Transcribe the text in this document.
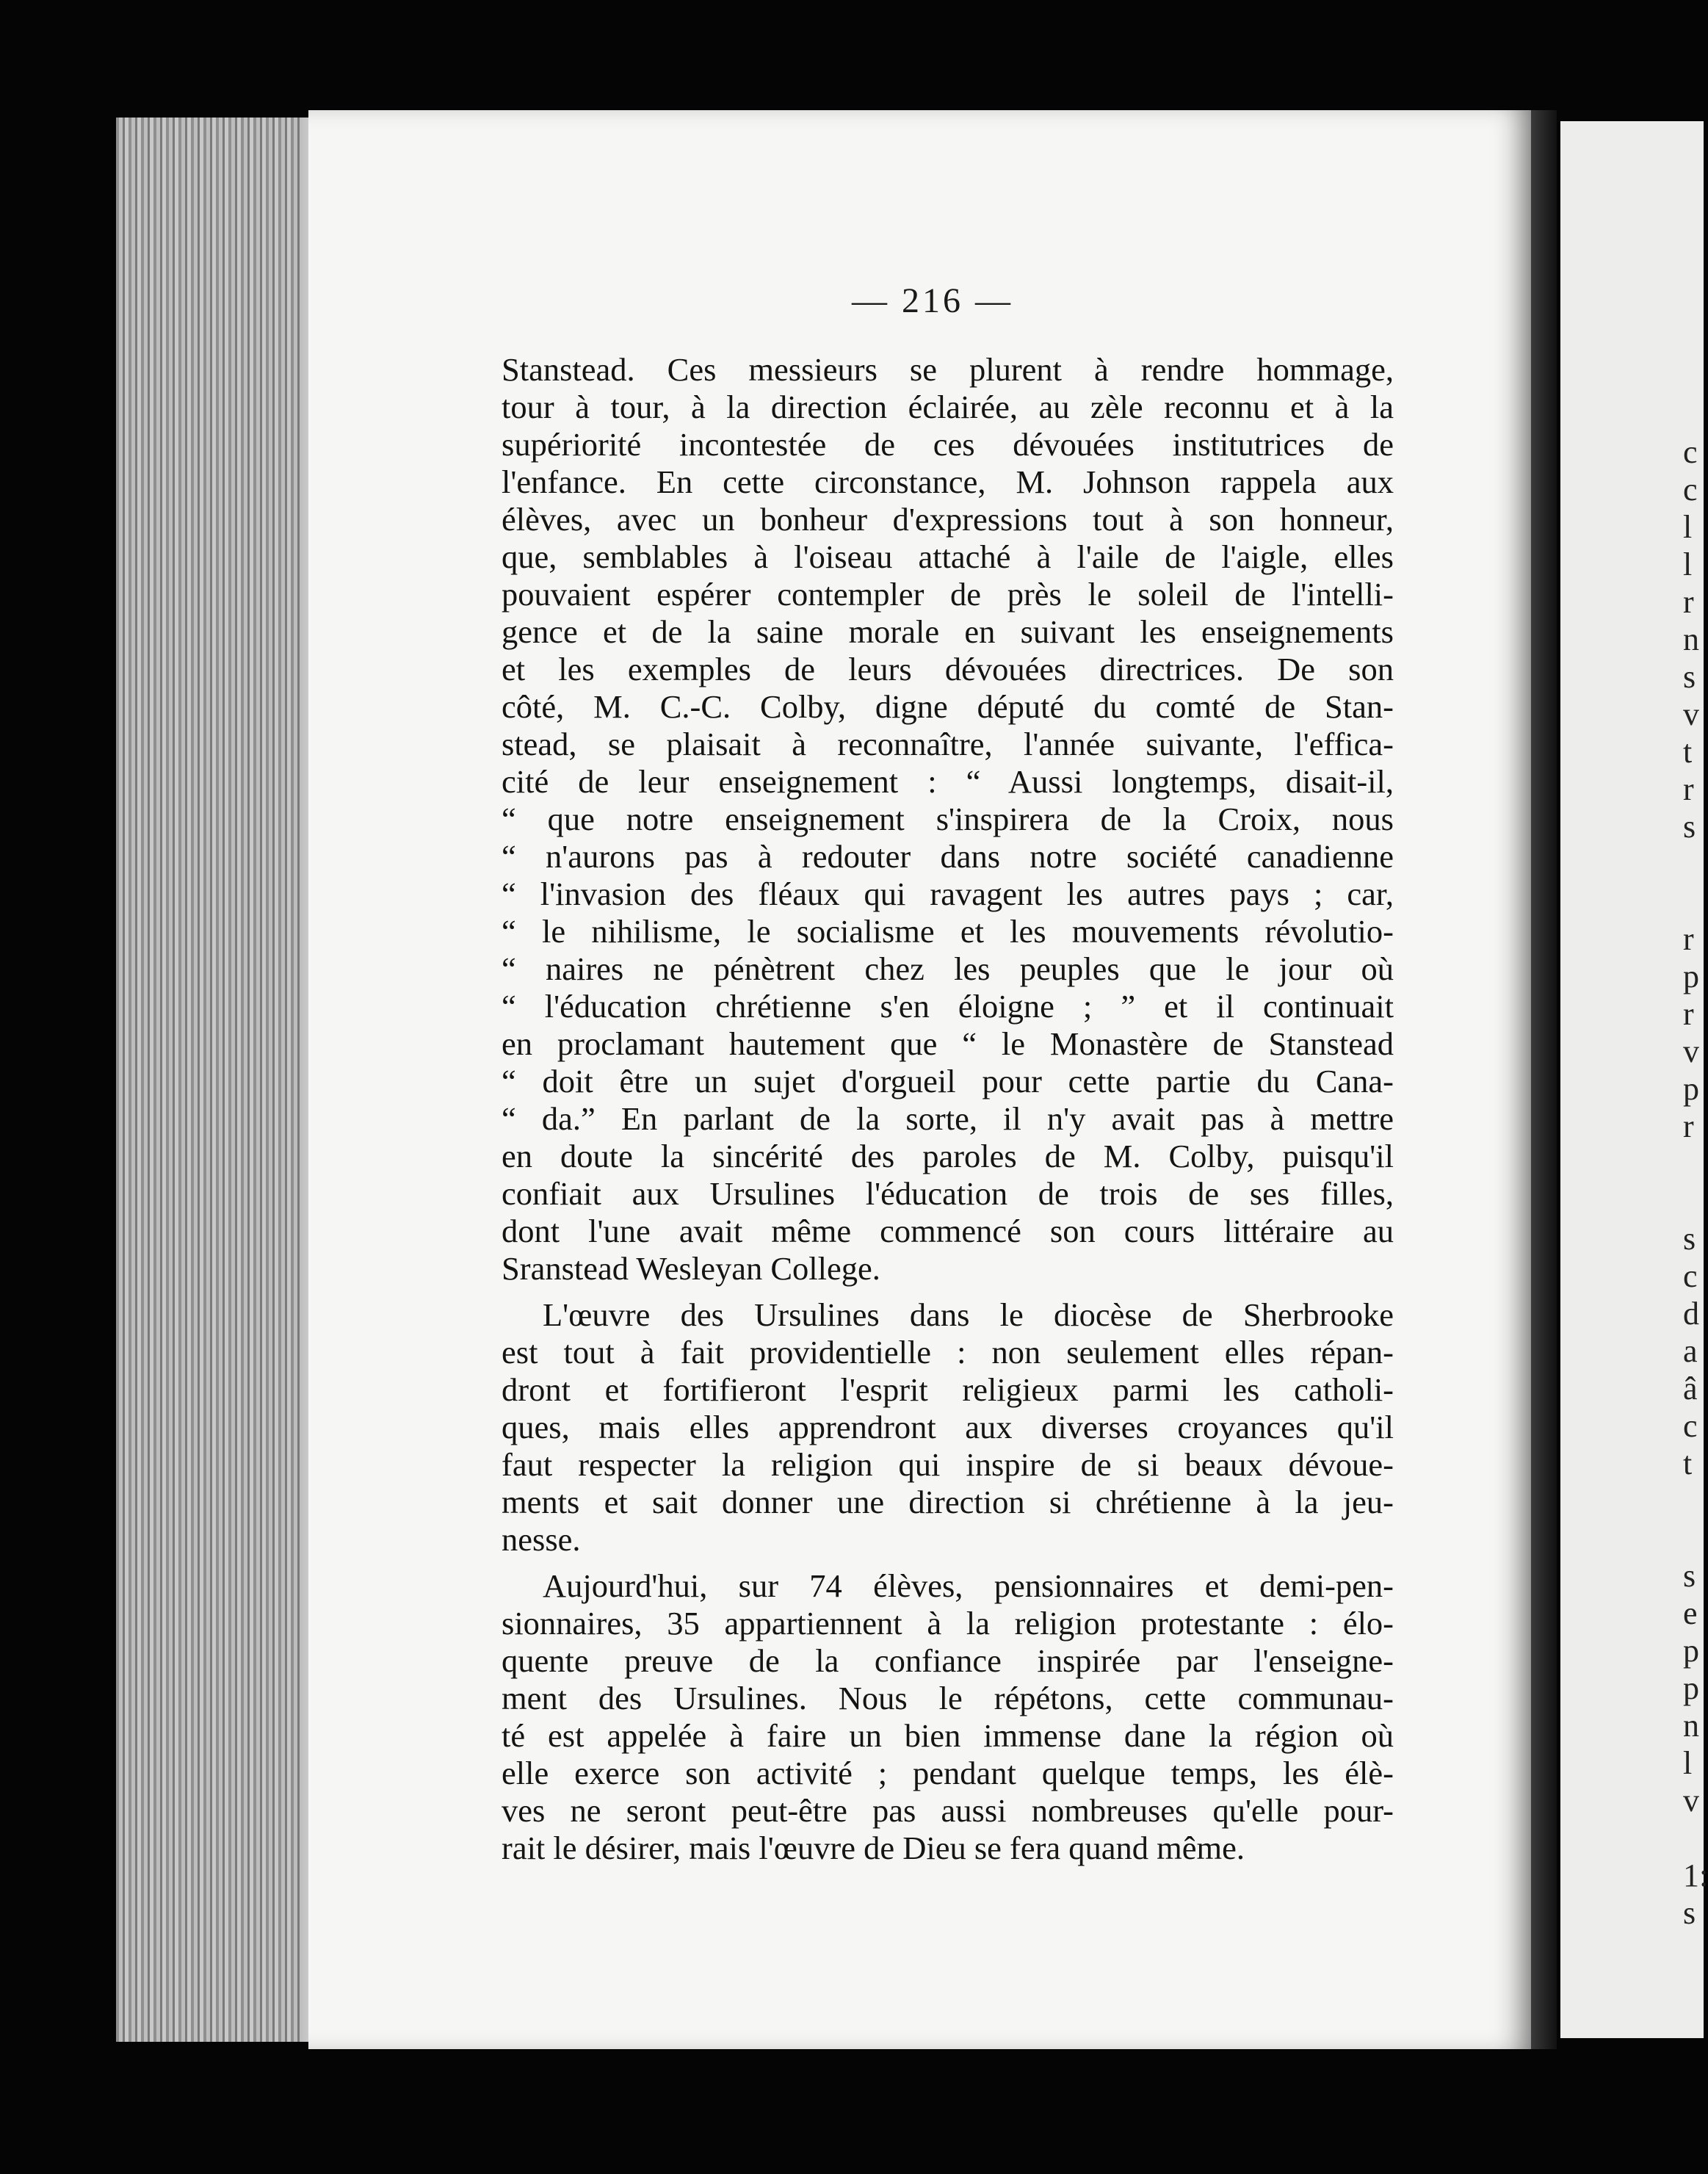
c
c
l
l
r
n
s
v
t
r
s
r
p
r
v
p
r
s
c
d
a
â
c
t
s
e
p
p
n
l
v
1:
s
— 216 —
Stanstead. Ces messieurs se plurent à rendre hommage,
tour à tour, à la direction éclairée, au zèle reconnu et à la
supériorité incontestée de ces dévouées institutrices de
l'enfance. En cette circonstance, M. Johnson rappela aux
élèves, avec un bonheur d'expressions tout à son honneur,
que, semblables à l'oiseau attaché à l'aile de l'aigle, elles
pouvaient espérer contempler de près le soleil de l'intelli-
gence et de la saine morale en suivant les enseignements
et les exemples de leurs dévouées directrices. De son
côté, M. C.-C. Colby, digne député du comté de Stan-
stead, se plaisait à reconnaître, l'année suivante, l'effica-
cité de leur enseignement : “ Aussi longtemps, disait-il,
“ que notre enseignement s'inspirera de la Croix, nous
“ n'aurons pas à redouter dans notre société canadienne
“ l'invasion des fléaux qui ravagent les autres pays ; car,
“ le nihilisme, le socialisme et les mouvements révolutio-
“ naires ne pénètrent chez les peuples que le jour où
“ l'éducation chrétienne s'en éloigne ; ” et il continuait
en proclamant hautement que “ le Monastère de Stanstead
“ doit être un sujet d'orgueil pour cette partie du Cana-
“ da.” En parlant de la sorte, il n'y avait pas à mettre
en doute la sincérité des paroles de M. Colby, puisqu'il
confiait aux Ursulines l'éducation de trois de ses filles,
dont l'une avait même commencé son cours littéraire au
Sranstead Wesleyan College.
L'œuvre des Ursulines dans le diocèse de Sherbrooke
est tout à fait providentielle : non seulement elles répan-
dront et fortifieront l'esprit religieux parmi les catholi-
ques, mais elles apprendront aux diverses croyances qu'il
faut respecter la religion qui inspire de si beaux dévoue-
ments et sait donner une direction si chrétienne à la jeu-
nesse.
Aujourd'hui, sur 74 élèves, pensionnaires et demi-pen-
sionnaires, 35 appartiennent à la religion protestante : élo-
quente preuve de la confiance inspirée par l'enseigne-
ment des Ursulines. Nous le répétons, cette communau-
té est appelée à faire un bien immense dane la région où
elle exerce son activité ; pendant quelque temps, les élè-
ves ne seront peut-être pas aussi nombreuses qu'elle pour-
rait le désirer, mais l'œuvre de Dieu se fera quand même.
